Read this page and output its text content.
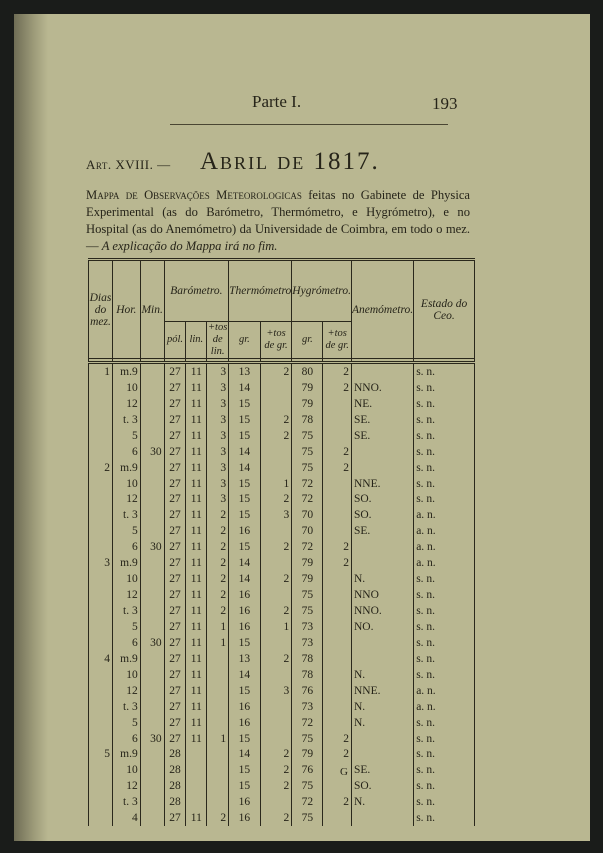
Parte I.	193
Art. XVIII. — Abril de 1817.
Mappa de Observações Meteorologicas feitas no Gabinete de Physica Experimental (as do Barómetro, Thermómetro, e Hygrómetro), e no Hospital (as do Anemómetro) da Universidade de Coimbra, em todo o mez. — A explicação do Mappa irá no fim.
Dias do mez.	Hor.	Min.	Barómetro.			Thermómetro		Hygrómetro.		Anemómetro.	Estado do Ceo.
			pól.	lin.	+tos de lin.	gr.	+tos de gr.	gr.	+tos de gr.		

1	m.9		27	11	3	13	2	80	2		s. n.
	10		27	11	3	14		79	2	NNO.	s. n.
	12		27	11	3	15		79		NE.	s. n.
	t. 3		27	11	3	15	2	78		SE.	s. n.
	5		27	11	3	15	2	75		SE.	s. n.
	6	30	27	11	3	14		75	2		s. n.
2	m.9		27	11	3	14		75	2		s. n.
	10		27	11	3	15	1	72		NNE.	s. n.
	12		27	11	3	15	2	72		SO.	s. n.
	t. 3		27	11	2	15	3	70		SO.	a. n.
	5		27	11	2	16		70		SE.	a. n.
	6	30	27	11	2	15	2	72	2		a. n.
3	m.9		27	11	2	14		79	2		a. n.
	10		27	11	2	14	2	79		N.	s. n.
	12		27	11	2	16		75		NNO	s. n.
	t. 3		27	11	2	16	2	75		NNO.	s. n.
	5		27	11	1	16	1	73		NO.	s. n.
	6	30	27	11	1	15		73			s. n.
4	m.9		27	11		13	2	78			s. n.
	10		27	11		14		78		N.	s. n.
	12		27	11		15	3	76		NNE.	a. n.
	t. 3		27	11		16		73		N.	a. n.
	5		27	11		16		72		N.	s. n.
	6	30	27	11	1	15		75	2		s. n.
5	m.9		28			14	2	79	2		s. n.
	10		28			15	2	76		SE.	s. n.
	12		28			15	2	75		SO.	s. n.
	t. 3		28			16		72	2	N.	s. n.
	4		27	11	2	16	2	75			s. n.
G
